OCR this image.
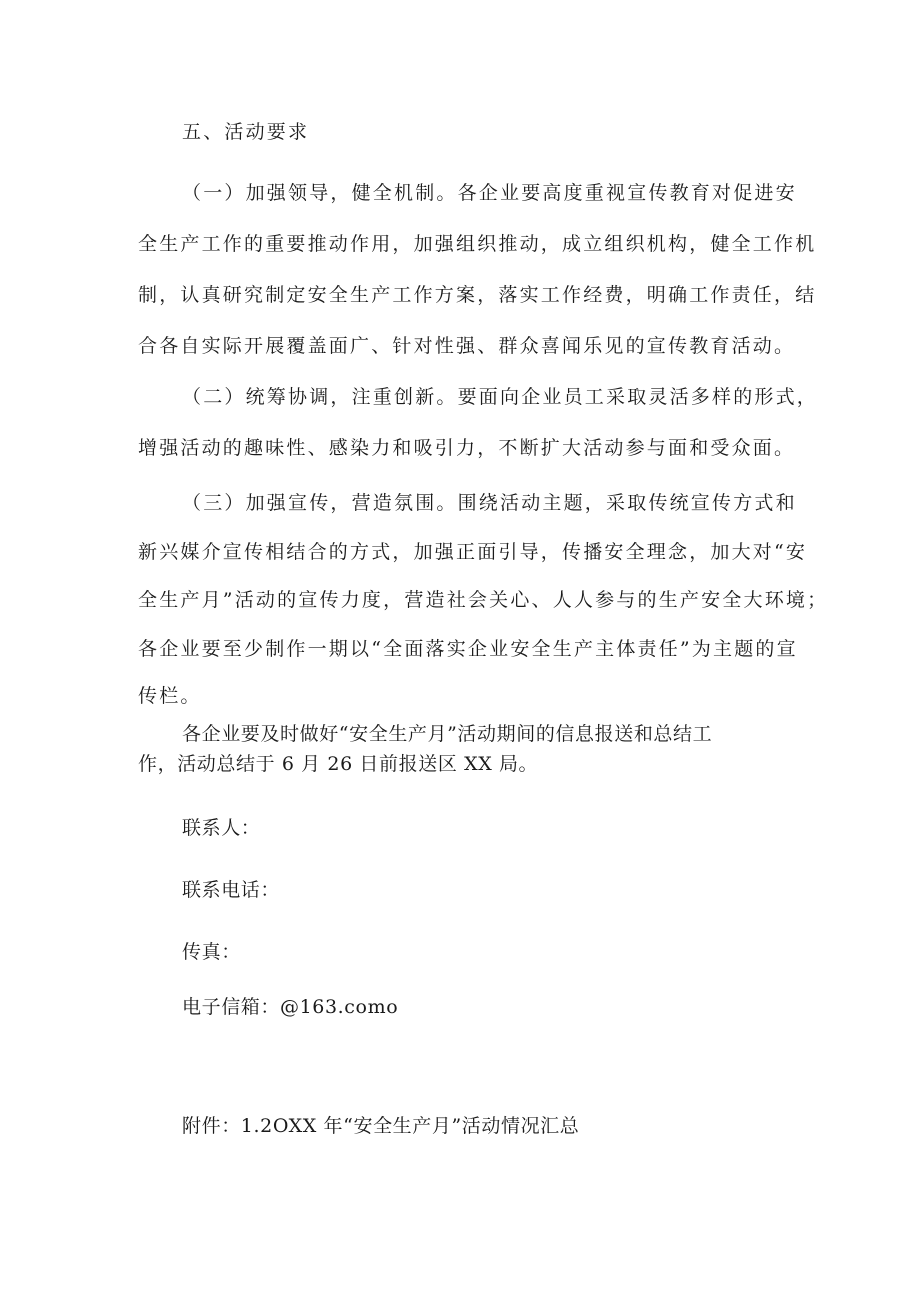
五、活动要求
（一）加强领导，健全机制。各企业要高度重视宣传教育对促进安
全生产工作的重要推动作用，加强组织推动，成立组织机构，健全工作机
制，认真研究制定安全生产工作方案，落实工作经费，明确工作责任，结
合各自实际开展覆盖面广、针对性强、群众喜闻乐见的宣传教育活动。
（二）统筹协调，注重创新。要面向企业员工采取灵活多样的形式，
增强活动的趣味性、感染力和吸引力，不断扩大活动参与面和受众面。
（三）加强宣传，营造氛围。围绕活动主题，采取传统宣传方式和
新兴媒介宣传相结合的方式，加强正面引导，传播安全理念，加大对“安
全生产月”活动的宣传力度，营造社会关心、人人参与的生产安全大环境；
各企业要至少制作一期以“全面落实企业安全生产主体责任”为主题的宣
传栏。
各企业要及时做好“安全生产月”活动期间的信息报送和总结工
作，活动总结于 6 月 26 日前报送区 XX 局。
联系人：
联系电话：
传真：
电子信箱：@163.como
附件：1.2OXX 年“安全生产月”活动情况汇总
